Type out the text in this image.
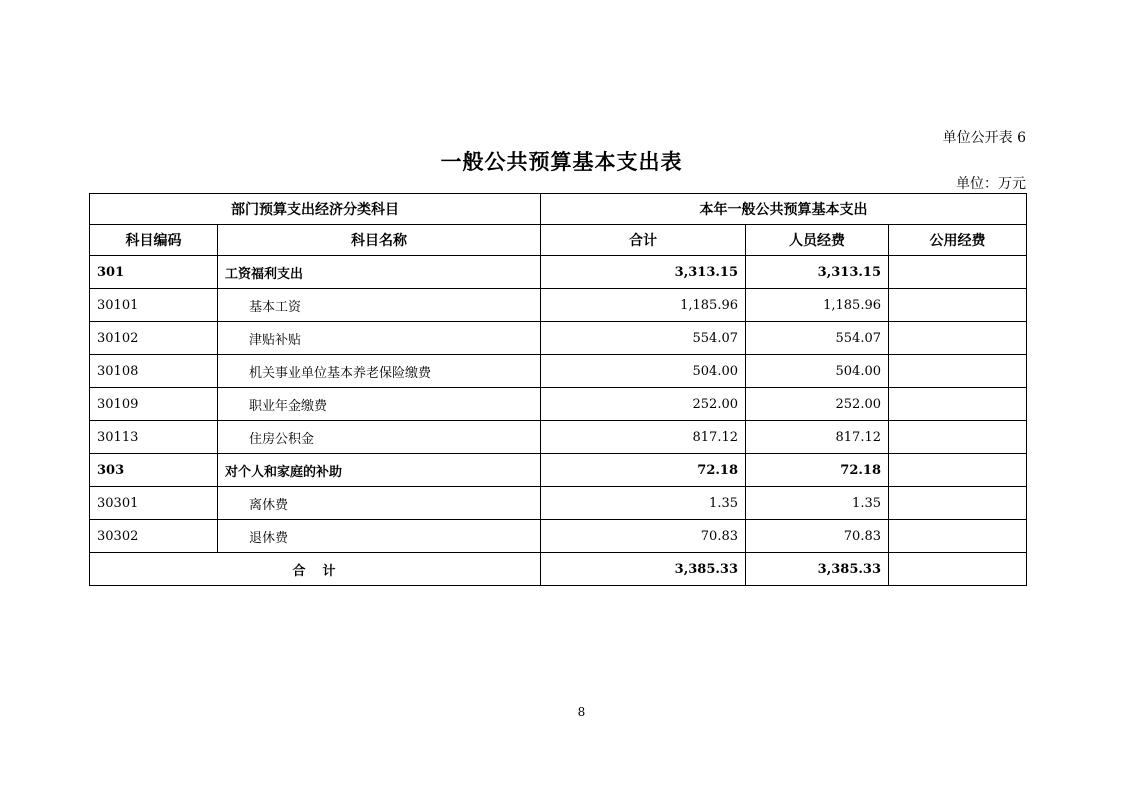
单位公开表 6
一般公共预算基本支出表
单位：万元
部门预算支出经济分类科目		本年一般公共预算基本支出		
科目编码	科目名称	合计	人员经费	公用经费
301	工资福利支出	3,313.15	3,313.15	
30101	基本工资	1,185.96	1,185.96	
30102	津贴补贴	554.07	554.07	
30108	机关事业单位基本养老保险缴费	504.00	504.00	
30109	职业年金缴费	252.00	252.00	
30113	住房公积金	817.12	817.12	
303	对个人和家庭的补助	72.18	72.18	
30301	离休费	1.35	1.35	
30302	退休费	70.83	70.83	
合　计		3,385.33	3,385.33	
8
